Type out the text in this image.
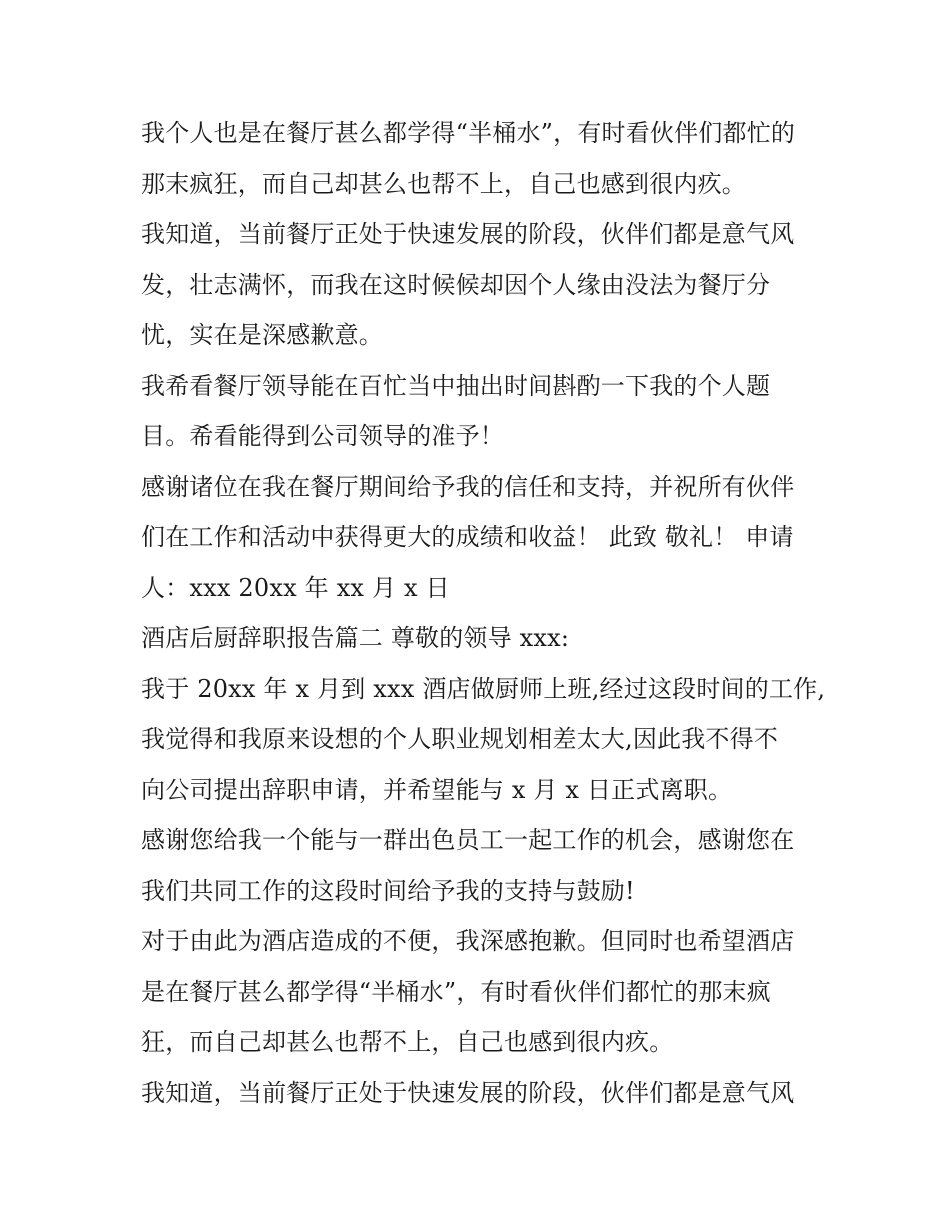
我个人也是在餐厅甚么都学得“半桶水”，有时看伙伴们都忙的
那末疯狂，而自己却甚么也帮不上，自己也感到很内疚。
我知道，当前餐厅正处于快速发展的阶段，伙伴们都是意气风
发，壮志满怀，而我在这时候候却因个人缘由没法为餐厅分
忧，实在是深感歉意。
我希看餐厅领导能在百忙当中抽出时间斟酌一下我的个人题
目。希看能得到公司领导的准予！
感谢诸位在我在餐厅期间给予我的信任和支持，并祝所有伙伴
们在工作和活动中获得更大的成绩和收益！ 此致 敬礼！ 申请
人：xxx 20xx 年 xx 月 x 日
酒店后厨辞职报告篇二 尊敬的领导 xxx:
我于 20xx 年 x 月到 xxx 酒店做厨师上班,经过这段时间的工作,
我觉得和我原来设想的个人职业规划相差太大,因此我不得不
向公司提出辞职申请，并希望能与 x 月 x 日正式离职。
感谢您给我一个能与一群出色员工一起工作的机会，感谢您在
我们共同工作的这段时间给予我的支持与鼓励!
对于由此为酒店造成的不便，我深感抱歉。但同时也希望酒店
是在餐厅甚么都学得“半桶水”，有时看伙伴们都忙的那末疯
狂，而自己却甚么也帮不上，自己也感到很内疚。
我知道，当前餐厅正处于快速发展的阶段，伙伴们都是意气风
